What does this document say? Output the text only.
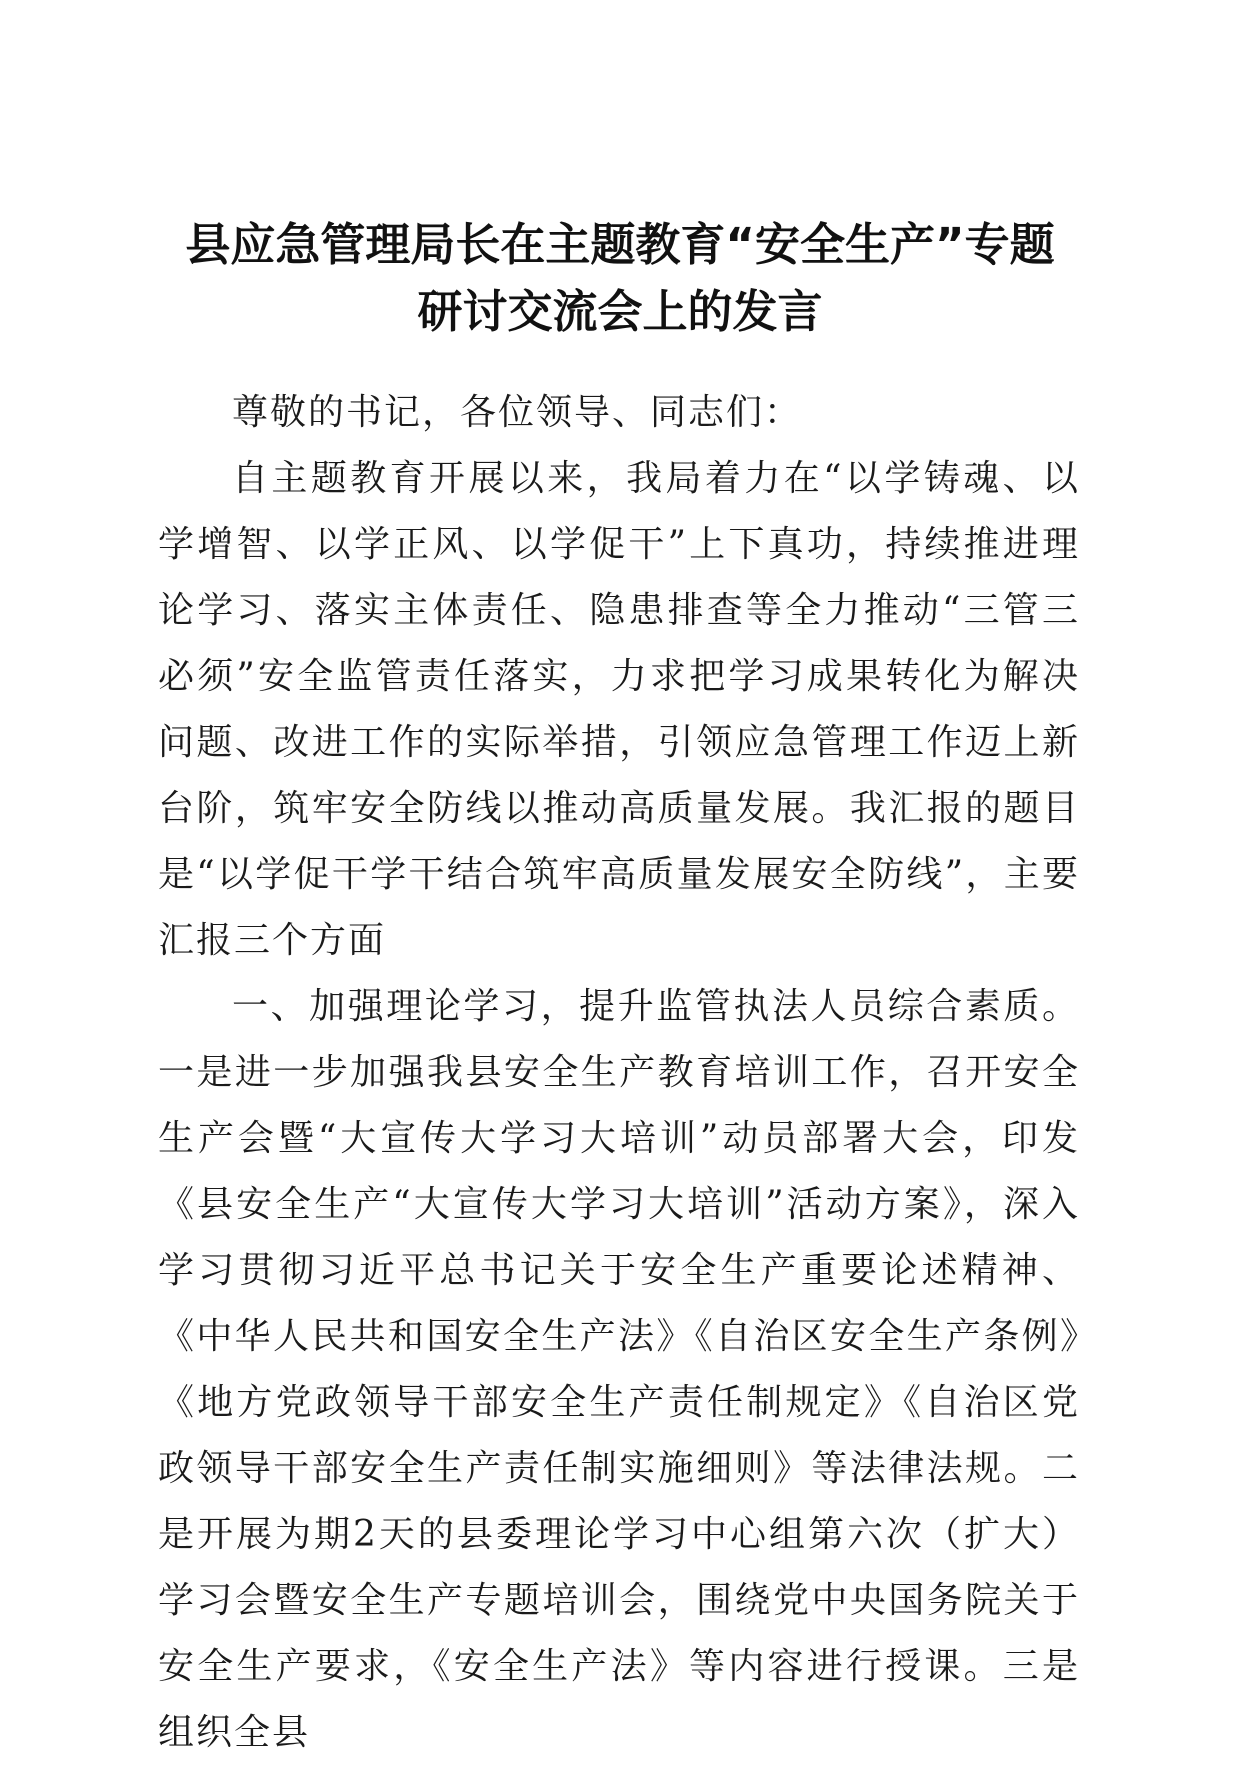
县应急管理局长在主题教育“安全生产”专题
研讨交流会上的发言

尊敬的书记，各位领导、同志们：

自主题教育开展以来，我局着力在“以学铸魂、以学增智、以学正风、以学促干”上下真功，持续推进理论学习、落实主体责任、隐患排查等全力推动“三管三必须”安全监管责任落实，力求把学习成果转化为解决问题、改进工作的实际举措，引领应急管理工作迈上新台阶，筑牢安全防线以推动高质量发展。我汇报的题目是“以学促干学干结合筑牢高质量发展安全防线”，主要汇报三个方面

一、加强理论学习，提升监管执法人员综合素质。一是进一步加强我县安全生产教育培训工作，召开安全生产会暨“大宣传大学习大培训”动员部署大会，印发《县安全生产“大宣传大学习大培训”活动方案》，深入学习贯彻习近平总书记关于安全生产重要论述精神、《中华人民共和国安全生产法》《自治区安全生产条例》《地方党政领导干部安全生产责任制规定》《自治区党政领导干部安全生产责任制实施细则》等法律法规。二是开展为期2天的县委理论学习中心组第六次（扩大）学习会暨安全生产专题培训会，围绕党中央国务院关于安全生产要求，《安全生产法》等内容进行授课。三是组织全县
